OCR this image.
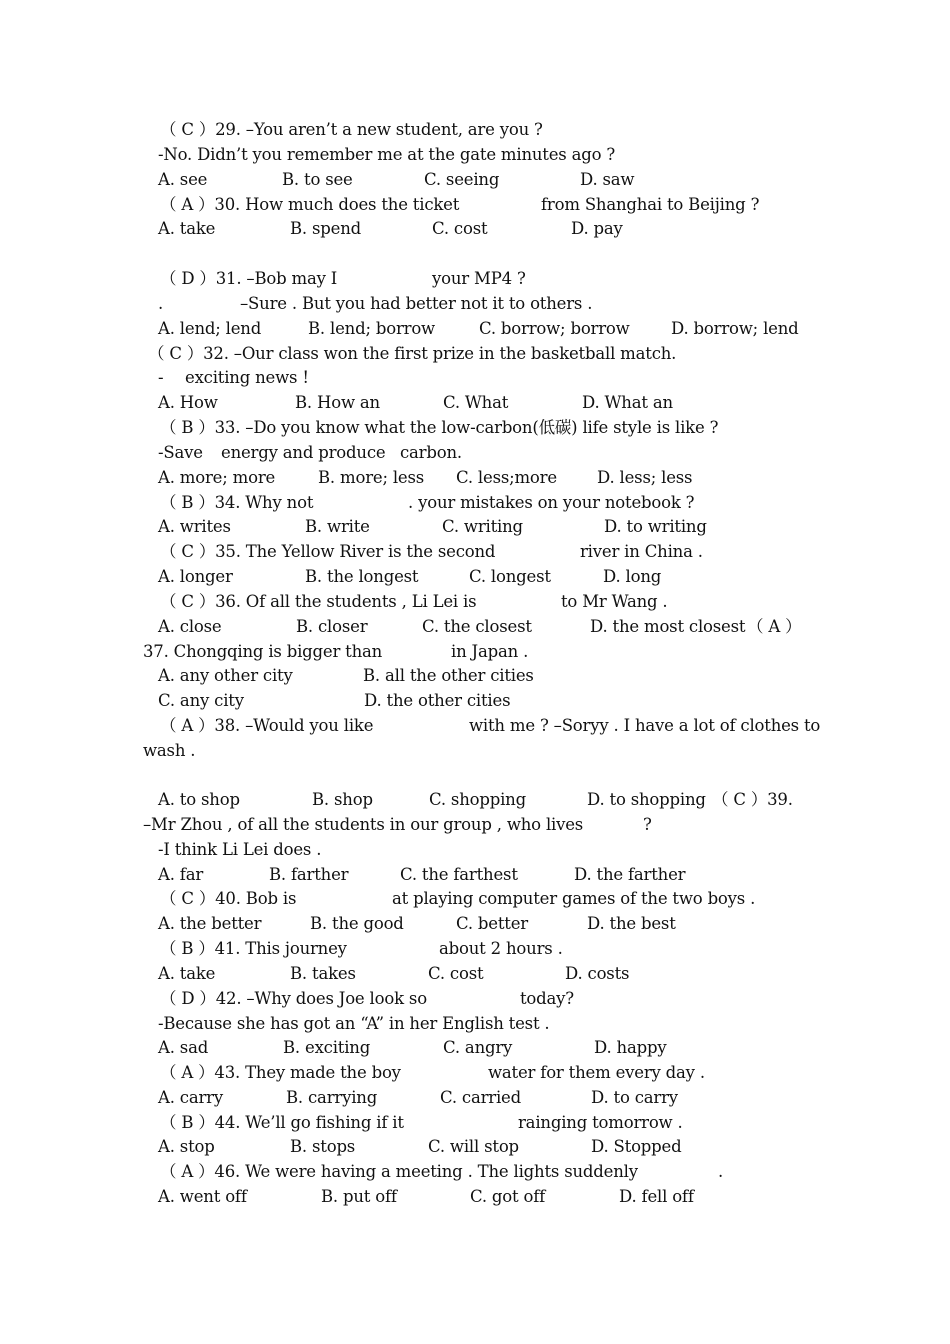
（ C ）29. –You aren’t a new student, are you ?
-No. Didn’t you remember me at the gate minutes ago ?
A. see	B. to see	C. seeing	D. saw
（ A ）30. How much does the ticket	from Shanghai to Beijing ?
A. take	B. spend	C. cost	D. pay
（ D ）31. –Bob may I	your MP4 ?
.	–Sure . But you had better not it to others .
A. lend; lend	B. lend; borrow	C. borrow; borrow	D. borrow; lend
（ C ）32. –Our class won the first prize in the basketball match.
- exciting news !
A. How	B. How an	C. What	D. What an
（ B ）33. –Do you know what the low-carbon(低碳) life style is like ?
-Save energy and produce carbon.
A. more; more	B. more; less C. less;more D. less; less
（ B ）34. Why not	. your mistakes on your notebook ?
A. writes	B. write	C. writing	D. to writing
（ C ）35. The Yellow River is the second	river in China .
A. longer	B. the longest	C. longest	D. long
（ C ）36. Of all the students , Li Lei is	to Mr Wang .
A. close	B. closer	C. the closest	D. the most closest （ A ）
37. Chongqing is bigger than	in Japan .
A. any other city	B. all the other cities
C. any city	D. the other cities
（ A ）38. –Would you like	with me ? –Soryy . I have a lot of clothes to
wash .
A. to shop	B. shop	C. shopping	D. to shopping （ C ）39.
–Mr Zhou , of all the students in our group , who lives	?
-I think Li Lei does .
A. far	B. farther	C. the farthest	D. the farther
（ C ）40. Bob is	at playing computer games of the two boys .
A. the better	B. the good	C. better	D. the best
（ B ）41. This journey	about 2 hours .
A. take	B. takes	C. cost	D. costs
（ D ）42. –Why does Joe look so	today?
-Because she has got an “A” in her English test .
A. sad	B. exciting	C. angry	D. happy
（ A ）43. They made the boy	water for them every day .
A. carry	B. carrying	C. carried	D. to carry
（ B ）44. We’ll go fishing if it	rainging tomorrow .
A. stop	B. stops	C. will stop	D. Stopped
（ A ）46. We were having a meeting . The lights suddenly	.
A. went off	B. put off	C. got off	D. fell off
